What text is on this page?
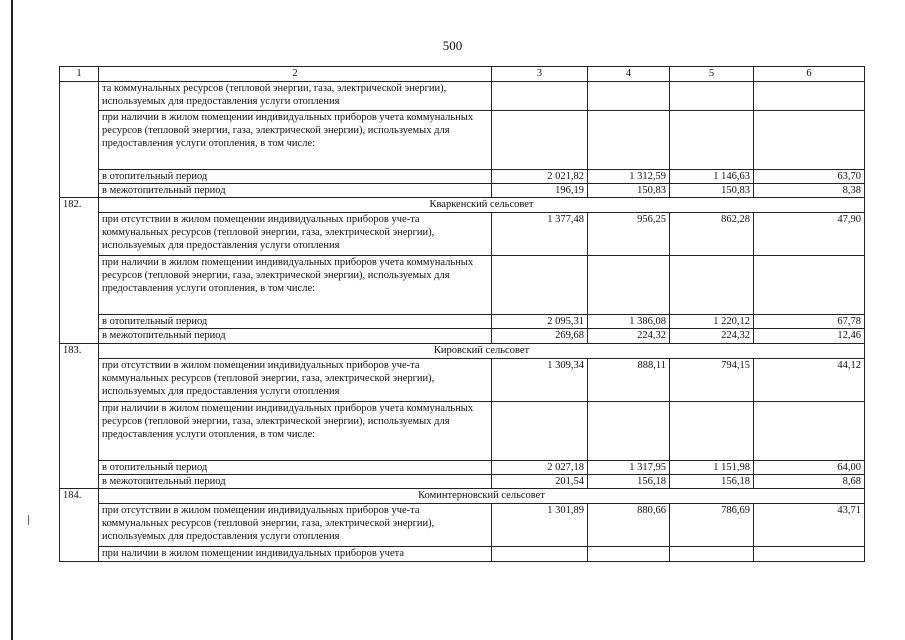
500
1	2	3	4	5	6
	та коммунальных ресурсов (тепловой энергии, газа, электрической энергии), используемых для предоставления услуги отопления				
	при наличии в жилом помещении индивидуальных приборов учета коммунальных ресурсов (тепловой энергии, газа, электрической энергии), используемых для предоставления услуги отопления, в том числе:				
	в отопительный период	2 021,82	1 312,59	1 146,63	63,70
	в межотопительный период	196,19	150,83	150,83	8,38
182.	Кваркенский сельсовет				
	при отсутствии в жилом помещении индивидуальных приборов уче-та коммунальных ресурсов (тепловой энергии, газа, электрической энергии), используемых для предоставления услуги отопления	1 377,48	956,25	862,28	47,90
	при наличии в жилом помещении индивидуальных приборов учета коммунальных ресурсов (тепловой энергии, газа, электрической энергии), используемых для предоставления услуги отопления, в том числе:				
	в отопительный период	2 095,31	1 386,08	1 220,12	67,78
	в межотопительный период	269,68	224,32	224,32	12,46
183.	Кировский сельсовет				
	при отсутствии в жилом помещении индивидуальных приборов уче-та коммунальных ресурсов (тепловой энергии, газа, электрической энергии), используемых для предоставления услуги отопления	1 309,34	888,11	794,15	44,12
	при наличии в жилом помещении индивидуальных приборов учета коммунальных ресурсов (тепловой энергии, газа, электрической энергии), используемых для предоставления услуги отопления, в том числе:				
	в отопительный период	2 027,18	1 317,95	1 151,98	64,00
	в межотопительный период	201,54	156,18	156,18	8,68
184.	Коминтерновский сельсовет				
	при отсутствии в жилом помещении индивидуальных приборов уче-та коммунальных ресурсов (тепловой энергии, газа, электрической энергии), используемых для предоставления услуги отопления	1 301,89	880,66	786,69	43,71
	при наличии в жилом помещении индивидуальных приборов учета				
